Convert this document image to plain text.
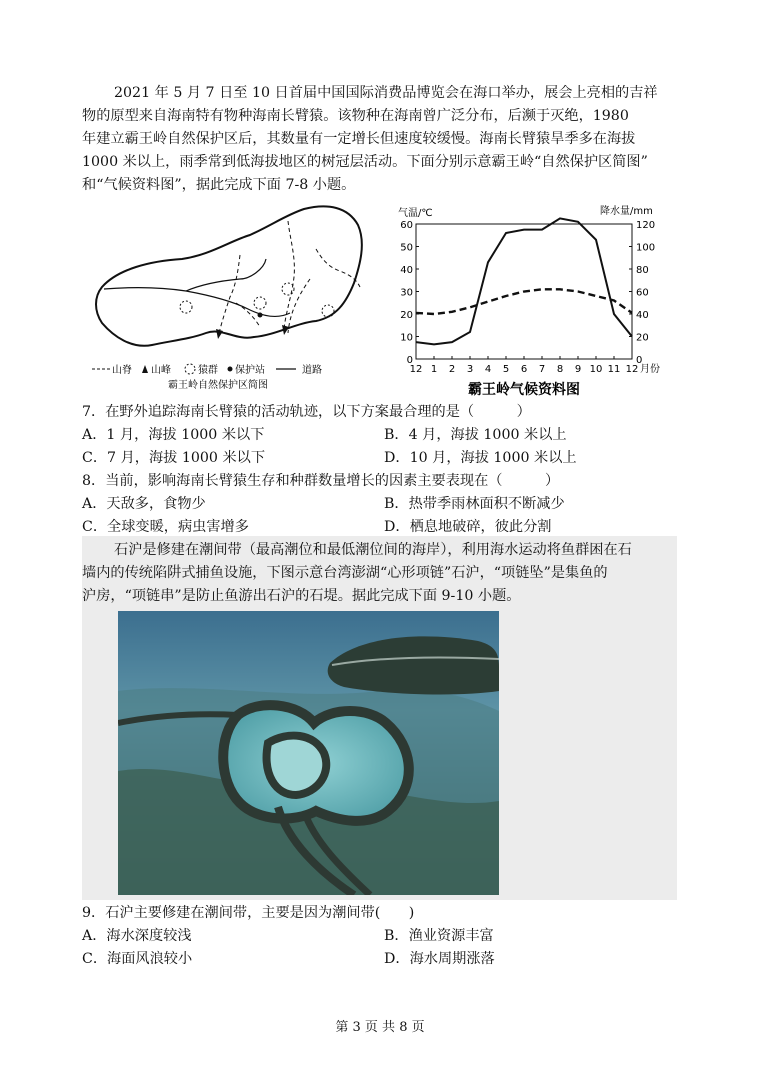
2021 年 5 月 7 日至 10 日首届中国国际消费品博览会在海口举办，展会上亮相的吉祥
物的原型来自海南特有物种海南长臂猿。该物种在海南曾广泛分布，后濒于灭绝，1980
年建立霸王岭自然保护区后，其数量有一定增长但速度较缓慢。海南长臂猿旱季多在海拔
1000 米以上，雨季常到低海拔地区的树冠层活动。下面分别示意霸王岭“自然保护区简图”
和“气候资料图”，据此完成下面 7-8 小题。
山脊 山峰	猿群 保护站	道路
霸王岭自然保护区简图
气温/℃	降水量/mm
12 1 2 3 4 5 6 7 8 9 10 11 12 月份
60
50
40
30
20
10
0
120
100
80
60
40
20
0
霸王岭气候资料图
7．在野外追踪海南长臂猿的活动轨迹，以下方案最合理的是（　　　）
A．1 月，海拔 1000 米以下	B．4 月，海拔 1000 米以上
C．7 月，海拔 1000 米以下	D．10 月，海拔 1000 米以上
8．当前，影响海南长臂猿生存和种群数量增长的因素主要表现在（　　　）
A．天敌多，食物少	B．热带季雨林面积不断减少
C．全球变暖，病虫害增多	D．栖息地破碎，彼此分割
石沪是修建在潮间带（最高潮位和最低潮位间的海岸），利用海水运动将鱼群困在石
墙内的传统陷阱式捕鱼设施，下图示意台湾澎湖“心形项链”石沪，“项链坠”是集鱼的
沪房，“项链串”是防止鱼游出石沪的石堤。据此完成下面 9-10 小题。
9．石沪主要修建在潮间带，主要是因为潮间带(　　)
A．海水深度较浅	B．渔业资源丰富
C．海面风浪较小	D．海水周期涨落
第 3 页 共 8 页
